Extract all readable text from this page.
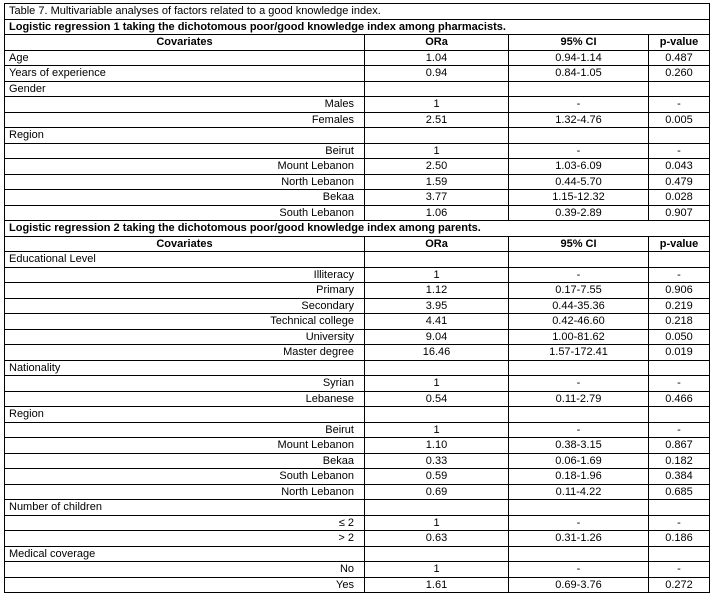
Table 7. Multivariable analyses of factors related to a good knowledge index.			
Logistic regression 1 taking the dichotomous poor/good knowledge index among pharmacists.			
Covariates	ORa	95% CI	p-value
Age	1.04	0.94-1.14	0.487
Years of experience	0.94	0.84-1.05	0.260
Gender			
Males	1	-	-
Females	2.51	1.32-4.76	0.005
Region			
Beirut	1	-	-
Mount Lebanon	2.50	1.03-6.09	0.043
North Lebanon	1.59	0.44-5.70	0.479
Bekaa	3.77	1.15-12.32	0.028
South Lebanon	1.06	0.39-2.89	0.907
Logistic regression 2 taking the dichotomous poor/good knowledge index among parents.			
Covariates	ORa	95% CI	p-value
Educational Level			
Illiteracy	1	-	-
Primary	1.12	0.17-7.55	0.906
Secondary	3.95	0.44-35.36	0.219
Technical college	4.41	0.42-46.60	0.218
University	9.04	1.00-81.62	0.050
Master degree	16.46	1.57-172.41	0.019
Nationality			
Syrian	1	-	-
Lebanese	0.54	0.11-2.79	0.466
Region			
Beirut	1	-	-
Mount Lebanon	1.10	0.38-3.15	0.867
Bekaa	0.33	0.06-1.69	0.182
South Lebanon	0.59	0.18-1.96	0.384
North Lebanon	0.69	0.11-4.22	0.685
Number of children			
≤ 2	1	-	-
> 2	0.63	0.31-1.26	0.186
Medical coverage			
No	1	-	-
Yes	1.61	0.69-3.76	0.272
